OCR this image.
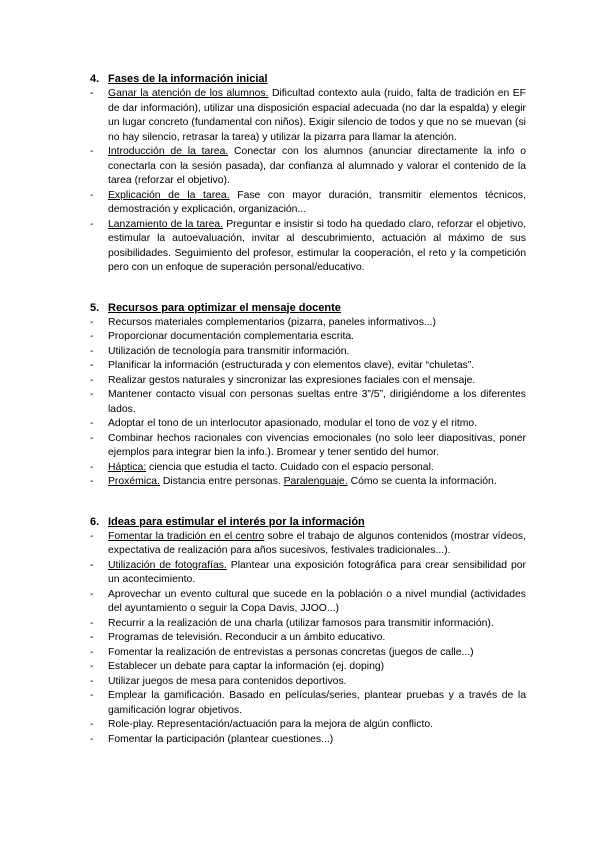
4. Fases de la información inicial
- Ganar la atención de los alumnos. Dificultad contexto aula (ruido, falta de tradición en EF de dar información), utilizar una disposición espacial adecuada (no dar la espalda) y elegir un lugar concreto (fundamental con niños). Exigir silencio de todos y que no se muevan (si no hay silencio, retrasar la tarea) y utilizar la pizarra para llamar la atención.
- Introducción de la tarea. Conectar con los alumnos (anunciar directamente la info o conectarla con la sesión pasada), dar confianza al alumnado y valorar el contenido de la tarea (reforzar el objetivo).
- Explicación de la tarea. Fase con mayor duración, transmitir elementos técnicos, demostración y explicación, organización...
- Lanzamiento de la tarea. Preguntar e insistir si todo ha quedado claro, reforzar el objetivo, estimular la autoevaluación, invitar al descubrimiento, actuación al máximo de sus posibilidades. Seguimiento del profesor, estimular la cooperación, el reto y la competición pero con un enfoque de superación personal/educativo.
5. Recursos para optimizar el mensaje docente
- Recursos materiales complementarios (pizarra, paneles informativos...)
- Proporcionar documentación complementaria escrita.
- Utilización de tecnología para transmitir información.
- Planificar la información (estructurada y con elementos clave), evitar “chuletas”.
- Realizar gestos naturales y sincronizar las expresiones faciales con el mensaje.
- Mantener contacto visual con personas sueltas entre 3”/5”, dirigiéndome a los diferentes lados.
- Adoptar el tono de un interlocutor apasionado, modular el tono de voz y el ritmo.
- Combinar hechos racionales con vivencias emocionales (no solo leer diapositivas, poner ejemplos para integrar bien la info.). Bromear y tener sentido del humor.
- Háptica: ciencia que estudia el tacto. Cuidado con el espacio personal.
- Proxémica. Distancia entre personas. Paralenguaje. Cómo se cuenta la información.
6. Ideas para estimular el interés por la información
- Fomentar la tradición en el centro sobre el trabajo de algunos contenidos (mostrar vídeos, expectativa de realización para años sucesivos, festivales tradicionales...).
- Utilización de fotografías. Plantear una exposición fotográfica para crear sensibilidad por un acontecimiento.
- Aprovechar un evento cultural que sucede en la población o a nivel mundial (actividades del ayuntamiento o seguir la Copa Davis, JJOO...)
- Recurrir a la realización de una charla (utilizar famosos para transmitir información).
- Programas de televisión. Reconducir a un ámbito educativo.
- Fomentar la realización de entrevistas a personas concretas (juegos de calle...)
- Establecer un debate para captar la información (ej. doping)
- Utilizar juegos de mesa para contenidos deportivos.
- Emplear la gamificación. Basado en películas/series, plantear pruebas y a través de la gamificación lograr objetivos.
- Role-play. Representación/actuación para la mejora de algún conflicto.
- Fomentar la participación (plantear cuestiones...)
